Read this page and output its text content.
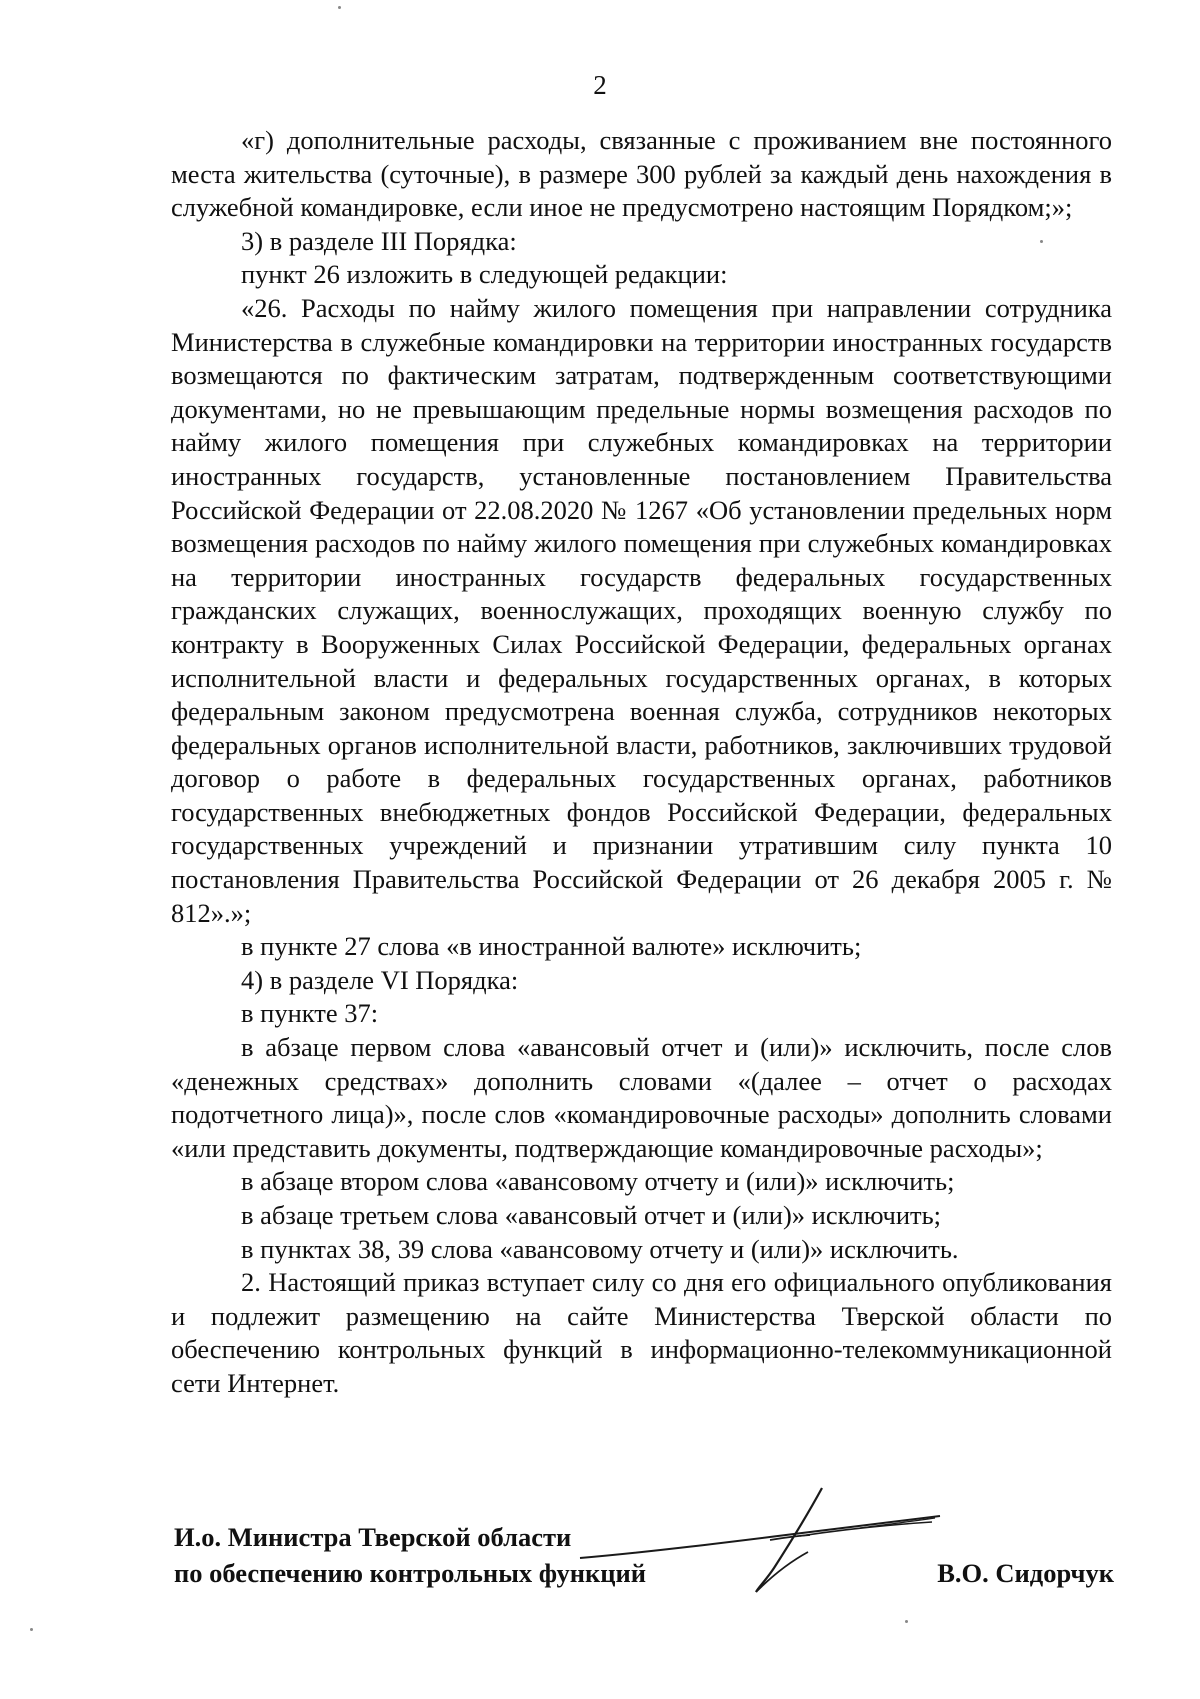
2

«г) дополнительные расходы, связанные с проживанием вне постоянного места жительства (суточные), в размере 300 рублей за каждый день нахождения в служебной командировке, если иное не предусмотрено настоящим Порядком;»;

3) в разделе III Порядка:

пункт 26 изложить в следующей редакции:

«26. Расходы по найму жилого помещения при направлении сотрудника Министерства в служебные командировки на территории иностранных государств возмещаются по фактическим затратам, подтвержденным соответствующими документами, но не превышающим предельные нормы возмещения расходов по найму жилого помещения при служебных командировках на территории иностранных государств, установленные постановлением Правительства Российской Федерации от 22.08.2020 № 1267 «Об установлении предельных норм возмещения расходов по найму жилого помещения при служебных командировках на территории иностранных государств федеральных государственных гражданских служащих, военнослужащих, проходящих военную службу по контракту в Вооруженных Силах Российской Федерации, федеральных органах исполнительной власти и федеральных государственных органах, в которых федеральным законом предусмотрена военная служба, сотрудников некоторых федеральных органов исполнительной власти, работников, заключивших трудовой договор о работе в федеральных государственных органах, работников государственных внебюджетных фондов Российской Федерации, федеральных государственных учреждений и признании утратившим силу пункта 10 постановления Правительства Российской Федерации от 26 декабря 2005 г. № 812».»;

в пункте 27 слова «в иностранной валюте» исключить;

4) в разделе VI Порядка:

в пункте 37:

в абзаце первом слова «авансовый отчет и (или)» исключить, после слов «денежных средствах» дополнить словами «(далее – отчет о расходах подотчетного лица)», после слов «командировочные расходы» дополнить словами «или представить документы, подтверждающие командировочные расходы»;

в абзаце втором слова «авансовому отчету и (или)» исключить;

в абзаце третьем слова «авансовый отчет и (или)» исключить;

в пунктах 38, 39 слова «авансовому отчету и (или)» исключить.

2. Настоящий приказ вступает силу со дня его официального опубликования и подлежит размещению на сайте Министерства Тверской области по обеспечению контрольных функций в информационно-телекоммуникационной сети Интернет.

И.о. Министра Тверской области
по обеспечению контрольных функций	В.О. Сидорчук
